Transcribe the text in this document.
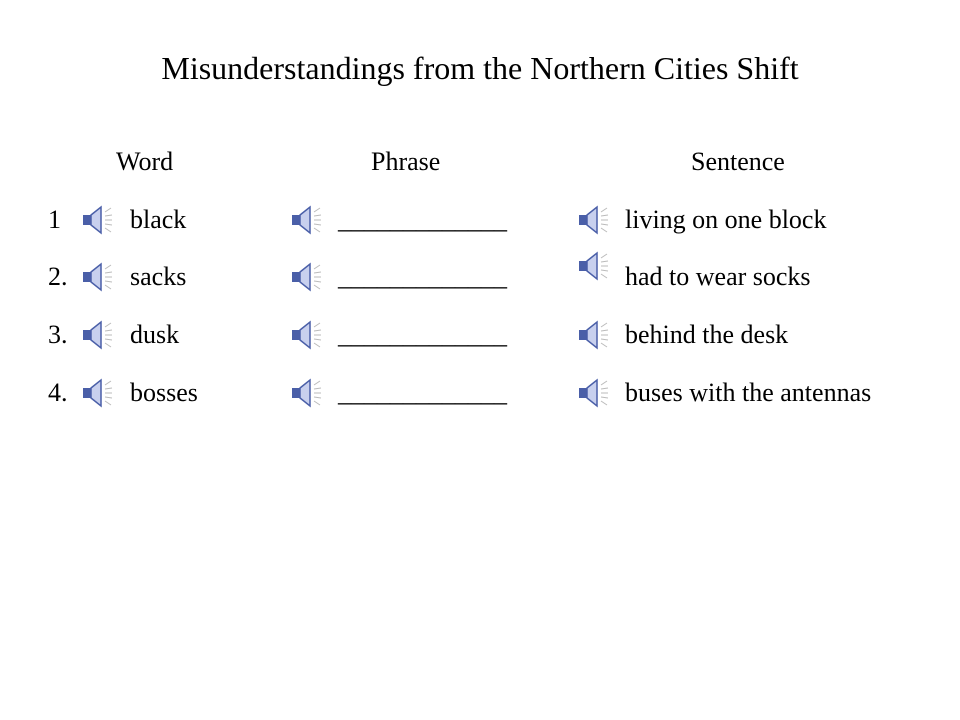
Misunderstandings from the Northern Cities Shift
Word	Phrase	Sentence
1	black	_____________	living on one block
2. sacks	_____________	had to wear socks
3. dusk	_____________	behind the desk
4. bosses	_____________	buses with the antennas
